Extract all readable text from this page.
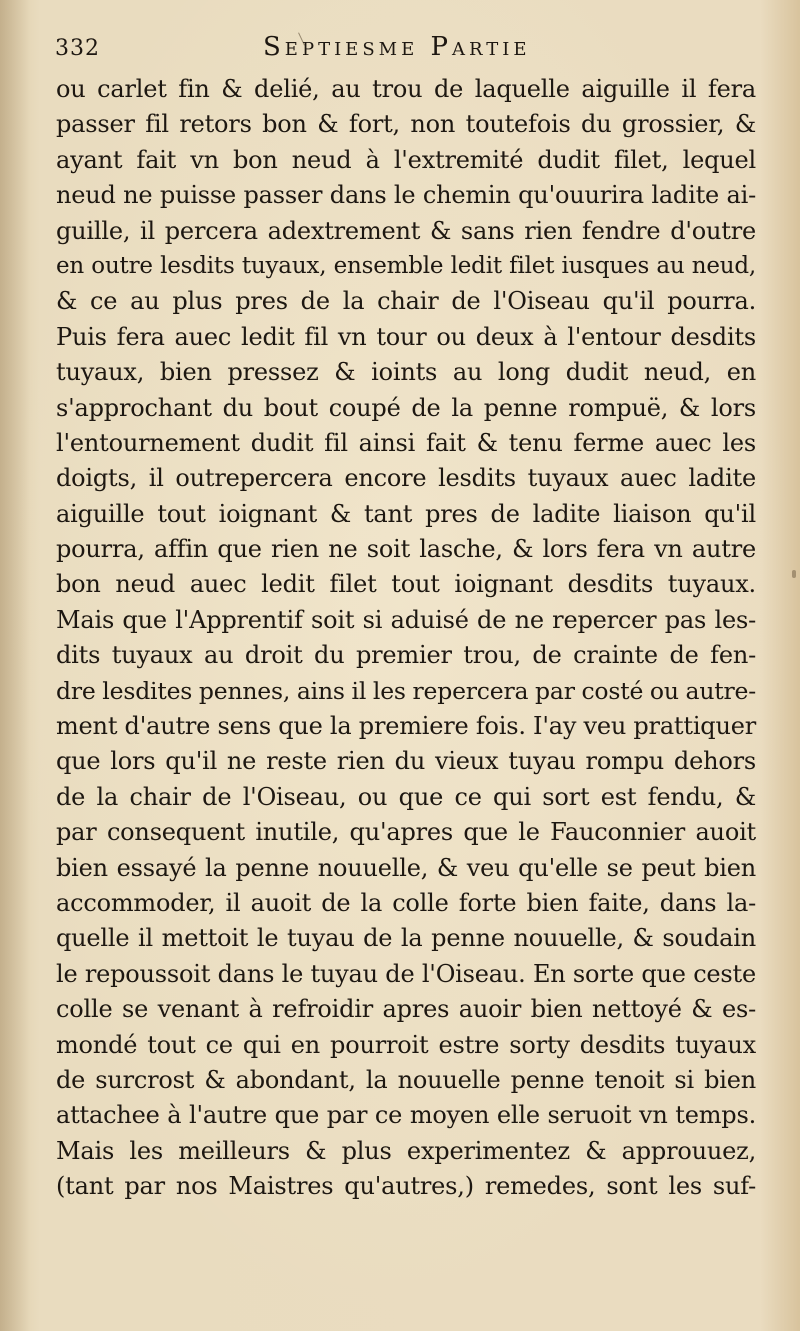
332	Septiesme Partie
ou carlet fin & delié, au trou de laquelle aiguille il fera
passer fil retors bon & fort, non toutefois du grossier, &
ayant fait vn bon neud à l'extremité dudit filet, lequel
neud ne puisse passer dans le chemin qu'ouurira ladite ai-
guille, il percera adextrement & sans rien fendre d'outre
en outre lesdits tuyaux, ensemble ledit filet iusques au neud,
& ce au plus pres de la chair de l'Oiseau qu'il pourra.
Puis fera auec ledit fil vn tour ou deux à l'entour desdits
tuyaux, bien pressez & ioints au long dudit neud, en
s'approchant du bout coupé de la penne rompuë, & lors
l'entournement dudit fil ainsi fait & tenu ferme auec les
doigts, il outrepercera encore lesdits tuyaux auec ladite
aiguille tout ioignant & tant pres de ladite liaison qu'il
pourra, affin que rien ne soit lasche, & lors fera vn autre
bon neud auec ledit filet tout ioignant desdits tuyaux.
Mais que l'Apprentif soit si aduisé de ne repercer pas les-
dits tuyaux au droit du premier trou, de crainte de fen-
dre lesdites pennes, ains il les repercera par costé ou autre-
ment d'autre sens que la premiere fois. I'ay veu prattiquer
que lors qu'il ne reste rien du vieux tuyau rompu dehors
de la chair de l'Oiseau, ou que ce qui sort est fendu, &
par consequent inutile, qu'apres que le Fauconnier auoit
bien essayé la penne nouuelle, & veu qu'elle se peut bien
accommoder, il auoit de la colle forte bien faite, dans la-
quelle il mettoit le tuyau de la penne nouuelle, & soudain
le repoussoit dans le tuyau de l'Oiseau. En sorte que ceste
colle se venant à refroidir apres auoir bien nettoyé & es-
mondé tout ce qui en pourroit estre sorty desdits tuyaux
de surcrost & abondant, la nouuelle penne tenoit si bien
attachee à l'autre que par ce moyen elle seruoit vn temps.
Mais les meilleurs & plus experimentez & approuuez,
(tant par nos Maistres qu'autres,) remedes, sont les suf-
